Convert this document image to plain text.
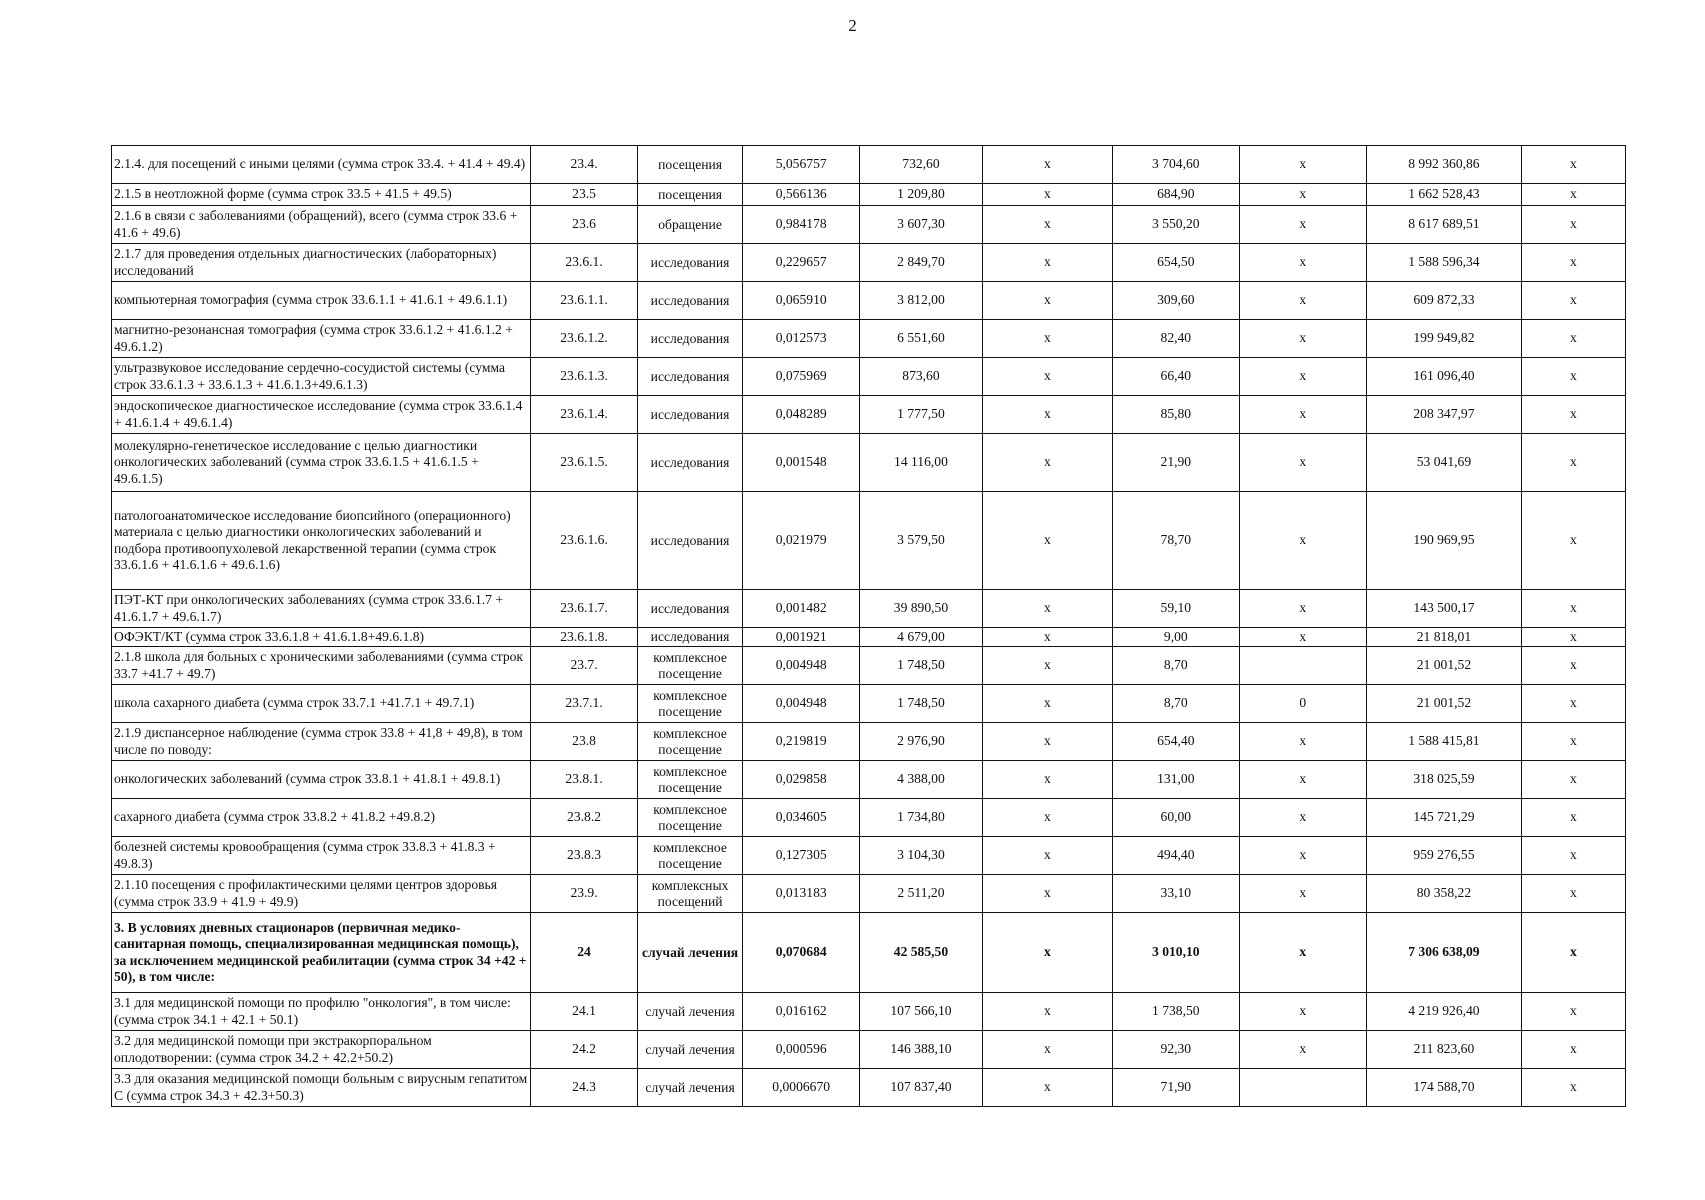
2
2.1.4. для посещений с иными целями (сумма строк 33.4. + 41.4 + 49.4)	23.4.	посещения	5,056757	732,60	x	3 704,60	x	8 992 360,86	x
2.1.5 в неотложной форме (сумма строк 33.5 + 41.5 + 49.5)	23.5	посещения	0,566136	1 209,80	x	684,90	x	1 662 528,43	x
2.1.6 в связи с заболеваниями (обращений), всего (сумма строк 33.6 + 41.6 + 49.6)	23.6	обращение	0,984178	3 607,30	x	3 550,20	x	8 617 689,51	x
2.1.7 для проведения отдельных диагностических (лабораторных) исследований	23.6.1.	исследования	0,229657	2 849,70	x	654,50	x	1 588 596,34	x
компьютерная томография (сумма строк 33.6.1.1 + 41.6.1 + 49.6.1.1)	23.6.1.1.	исследования	0,065910	3 812,00	x	309,60	x	609 872,33	x
магнитно-резонансная томография (сумма строк 33.6.1.2 + 41.6.1.2 + 49.6.1.2)	23.6.1.2.	исследования	0,012573	6 551,60	x	82,40	x	199 949,82	x
ультразвуковое исследование сердечно-сосудистой системы (сумма строк 33.6.1.3 + 33.6.1.3 + 41.6.1.3+49.6.1.3)	23.6.1.3.	исследования	0,075969	873,60	x	66,40	x	161 096,40	x
эндоскопическое диагностическое исследование (сумма строк 33.6.1.4 + 41.6.1.4 + 49.6.1.4)	23.6.1.4.	исследования	0,048289	1 777,50	x	85,80	x	208 347,97	x
молекулярно-генетическое исследование с целью диагностики онкологических заболеваний (сумма строк 33.6.1.5 + 41.6.1.5 + 49.6.1.5)	23.6.1.5.	исследования	0,001548	14 116,00	x	21,90	x	53 041,69	x
патологоанатомическое исследование биопсийного (операционного) материала с целью диагностики онкологических заболеваний и подбора противоопухолевой лекарственной терапии (сумма строк 33.6.1.6 + 41.6.1.6 + 49.6.1.6)	23.6.1.6.	исследования	0,021979	3 579,50	x	78,70	x	190 969,95	x
ПЭТ-КТ при онкологических заболеваниях (сумма строк 33.6.1.7 + 41.6.1.7 + 49.6.1.7)	23.6.1.7.	исследования	0,001482	39 890,50	x	59,10	x	143 500,17	x
ОФЭКТ/КТ (сумма строк 33.6.1.8 + 41.6.1.8+49.6.1.8)	23.6.1.8.	исследования	0,001921	4 679,00	x	9,00	x	21 818,01	x
2.1.8 школа для больных с хроническими заболеваниями (сумма строк 33.7 +41.7 + 49.7)	23.7.	комплексное посещение	0,004948	1 748,50	x	8,70		21 001,52	x
школа сахарного диабета (сумма строк 33.7.1 +41.7.1 + 49.7.1)	23.7.1.	комплексное посещение	0,004948	1 748,50	x	8,70	0	21 001,52	x
2.1.9 диспансерное наблюдение (сумма строк 33.8 + 41,8 + 49,8), в том числе по поводу:	23.8	комплексное посещение	0,219819	2 976,90	x	654,40	x	1 588 415,81	x
онкологических заболеваний (сумма строк 33.8.1 + 41.8.1 + 49.8.1)	23.8.1.	комплексное посещение	0,029858	4 388,00	x	131,00	x	318 025,59	x
сахарного диабета (сумма строк 33.8.2 + 41.8.2 +49.8.2)	23.8.2	комплексное посещение	0,034605	1 734,80	x	60,00	x	145 721,29	x
болезней системы кровообращения (сумма строк 33.8.3 + 41.8.3 + 49.8.3)	23.8.3	комплексное посещение	0,127305	3 104,30	x	494,40	x	959 276,55	x
2.1.10 посещения с профилактическими целями центров здоровья (сумма строк 33.9 + 41.9 + 49.9)	23.9.	комплексных посещений	0,013183	2 511,20	x	33,10	x	80 358,22	x
3. В условиях дневных стационаров (первичная медико-санитарная помощь, специализированная медицинская помощь), за исключением медицинской реабилитации (сумма строк 34 +42 + 50), в том числе:	24	случай лечения	0,070684	42 585,50	x	3 010,10	x	7 306 638,09	x
3.1 для медицинской помощи по профилю "онкология", в том числе: (сумма строк 34.1 + 42.1 + 50.1)	24.1	случай лечения	0,016162	107 566,10	x	1 738,50	x	4 219 926,40	x
3.2 для медицинской помощи при экстракорпоральном оплодотворении: (сумма строк 34.2 + 42.2+50.2)	24.2	случай лечения	0,000596	146 388,10	x	92,30	x	211 823,60	x
3.3 для оказания медицинской помощи больным с вирусным гепатитом С (сумма строк 34.3 + 42.3+50.3)	24.3	случай лечения	0,0006670	107 837,40	x	71,90		174 588,70	x
